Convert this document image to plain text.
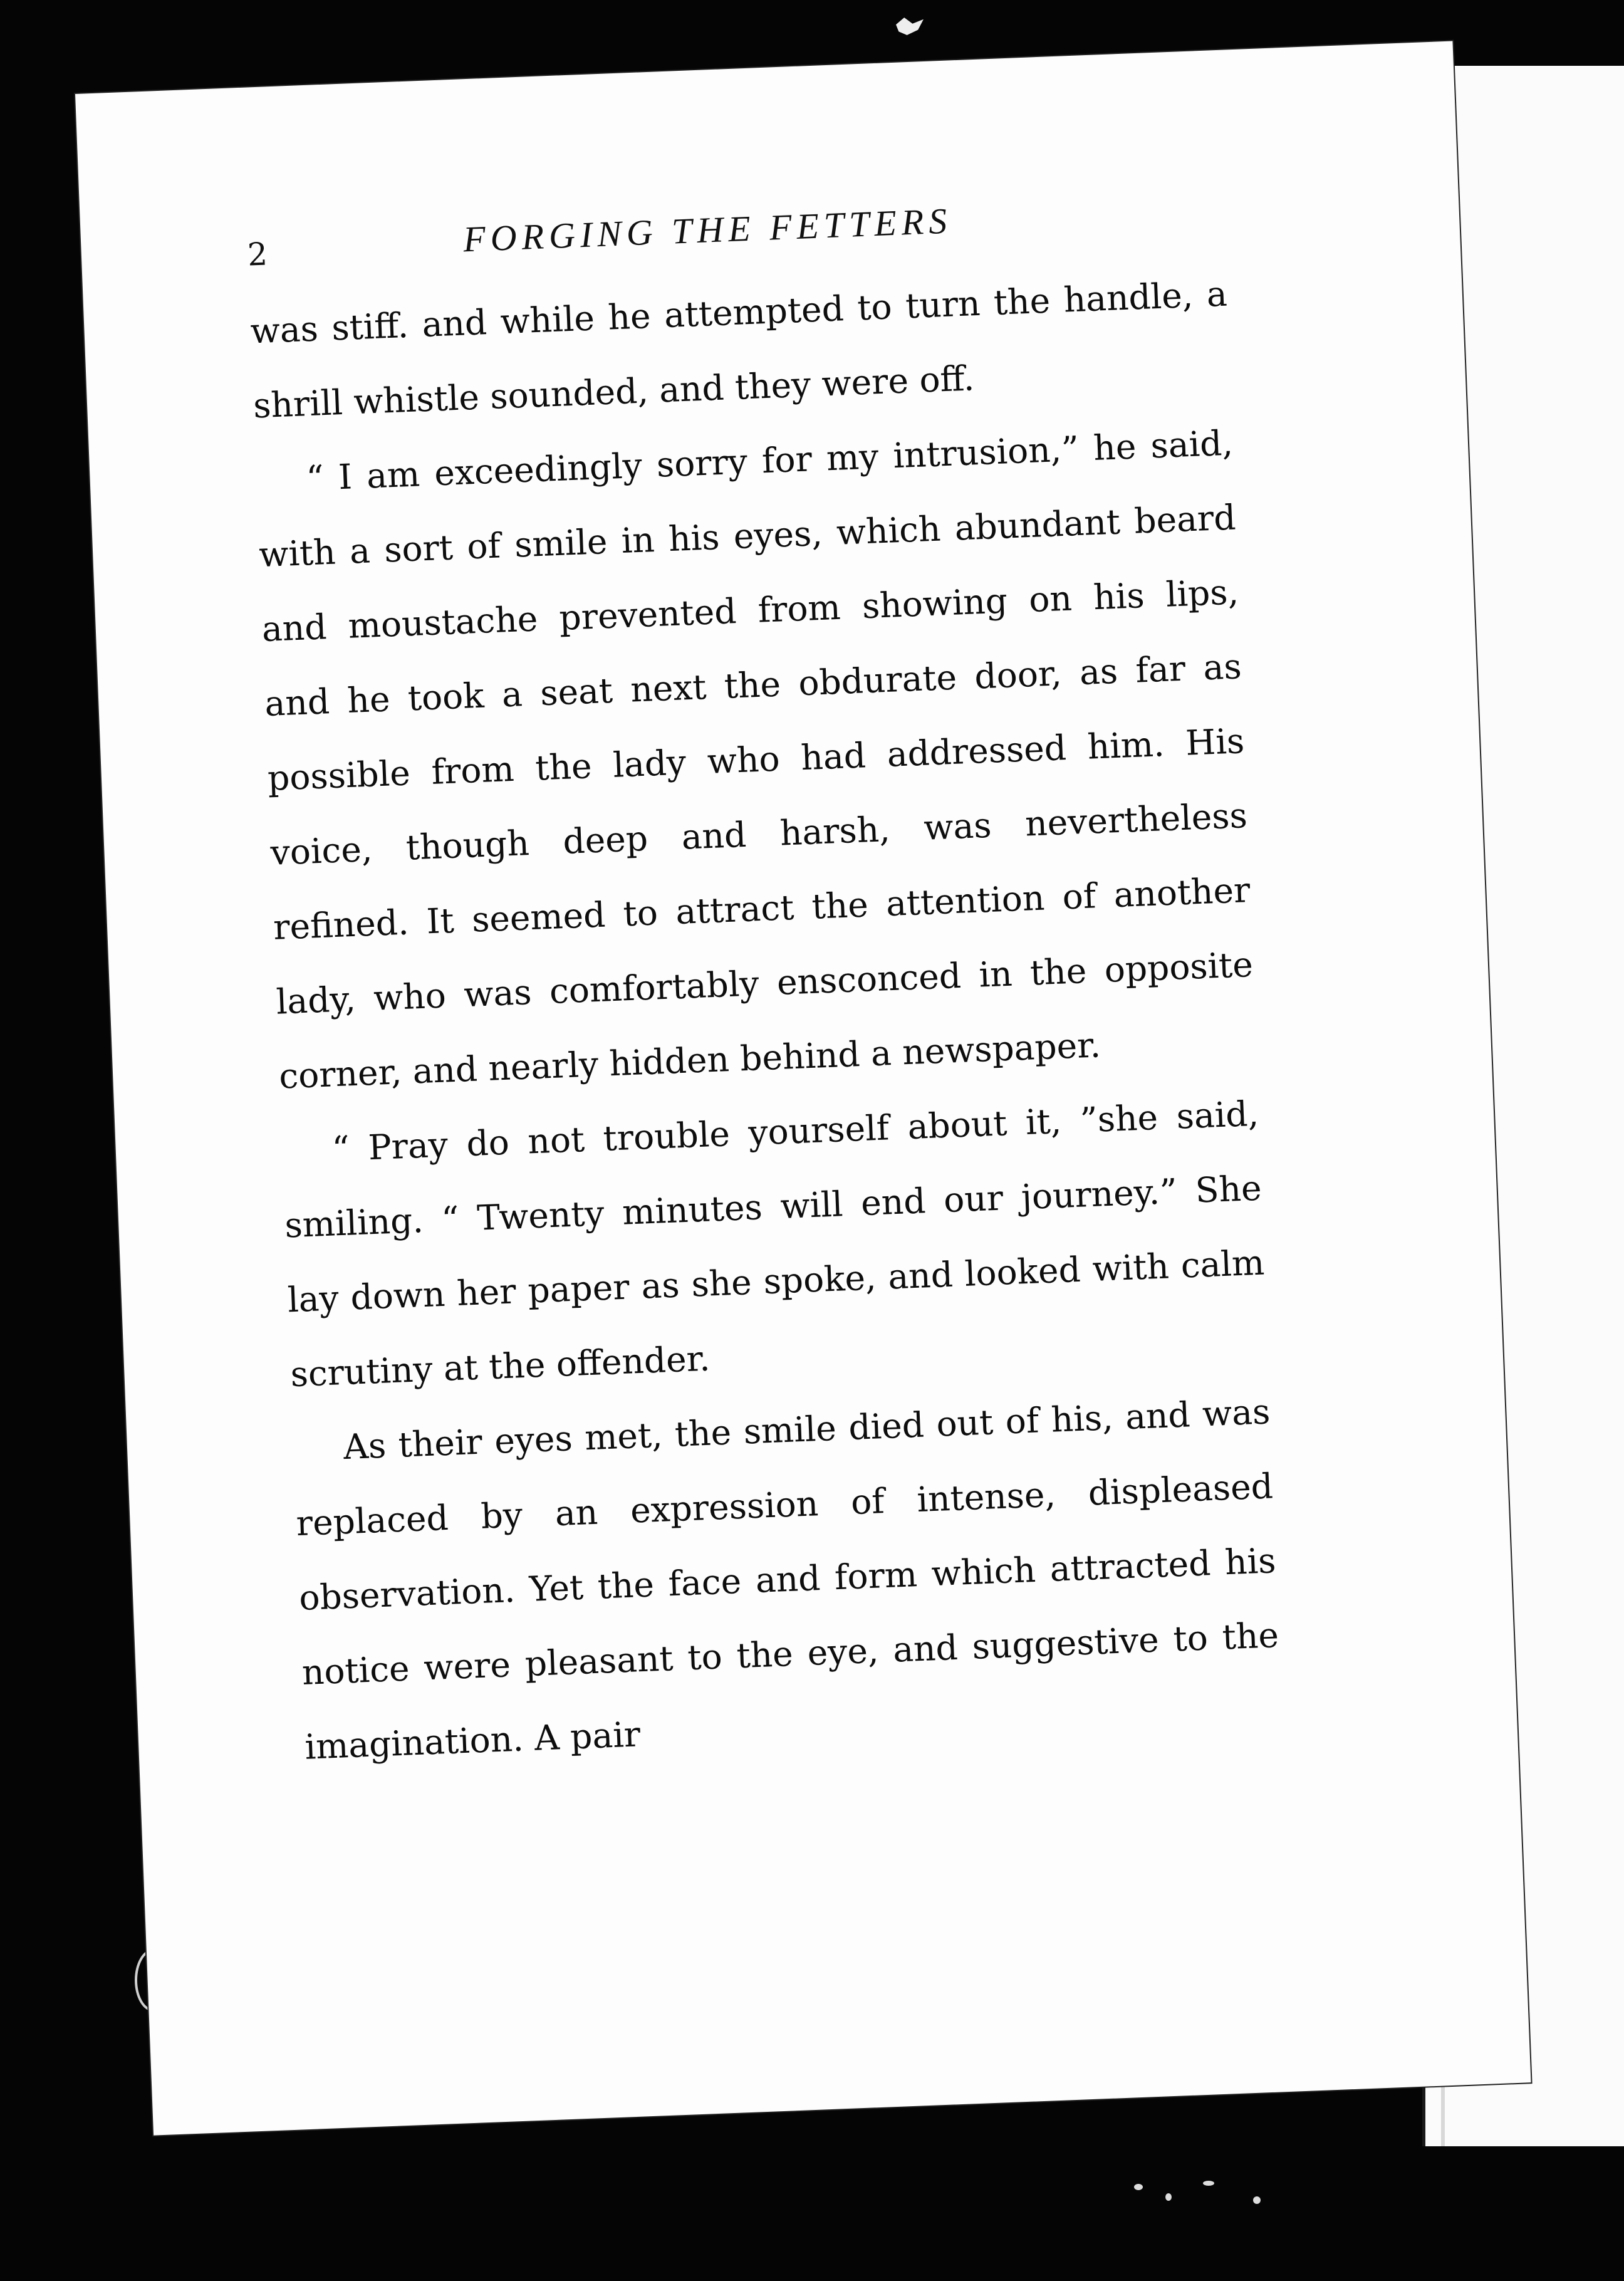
2	FORGING THE FETTERS

was stiff. and while he attempted to turn the handle, a shrill whistle sounded, and they were off.

“ I am exceedingly sorry for my intrusion,” he said, with a sort of smile in his eyes, which abundant beard and moustache prevented from showing on his lips, and he took a seat next the obdurate door, as far as possible from the lady who had addressed him. His voice, though deep and harsh, was nevertheless refined. It seemed to attract the attention of another lady, who was comfortably ensconced in the opposite corner, and nearly hidden behind a newspaper.

“ Pray do not trouble yourself about it, ”she said, smiling. “ Twenty minutes will end our journey.” She lay down her paper as she spoke, and looked with calm scrutiny at the offender.

As their eyes met, the smile died out of his, and was replaced by an expression of intense, displeased observation. Yet the face and form which attracted his notice were pleasant to the eye, and suggestive to the imagination. A pair
